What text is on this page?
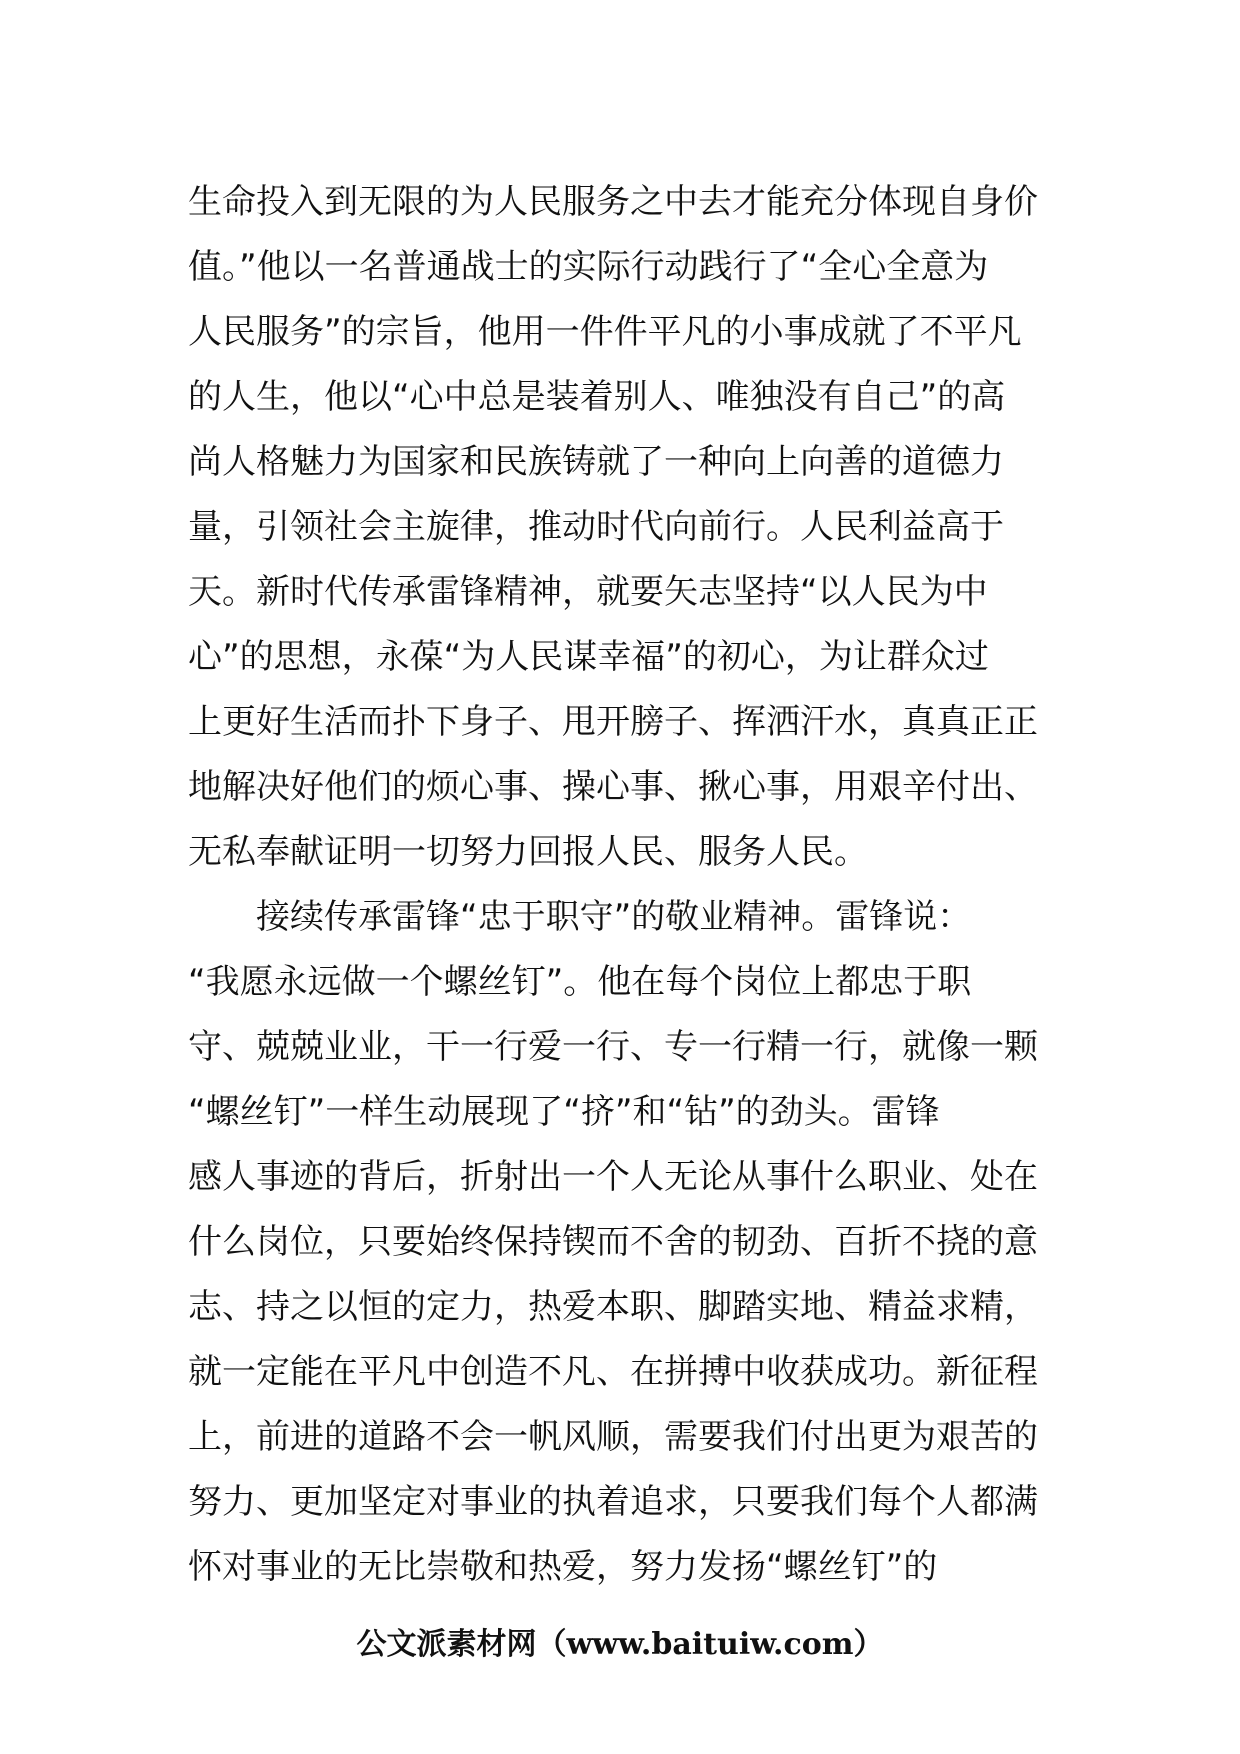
生命投入到无限的为人民服务之中去才能充分体现自身价
值。”他以一名普通战士的实际行动践行了“全心全意为
人民服务”的宗旨，他用一件件平凡的小事成就了不平凡
的人生，他以“心中总是装着别人、唯独没有自己”的高
尚人格魅力为国家和民族铸就了一种向上向善的道德力
量，引领社会主旋律，推动时代向前行。人民利益高于
天。新时代传承雷锋精神，就要矢志坚持“以人民为中
心”的思想，永葆“为人民谋幸福”的初心，为让群众过
上更好生活而扑下身子、甩开膀子、挥洒汗水，真真正正
地解决好他们的烦心事、操心事、揪心事，用艰辛付出、
无私奉献证明一切努力回报人民、服务人民。
　　接续传承雷锋“忠于职守”的敬业精神。雷锋说：
“我愿永远做一个螺丝钉”。他在每个岗位上都忠于职
守、兢兢业业，干一行爱一行、专一行精一行，就像一颗
“螺丝钉”一样生动展现了“挤”和“钻”的劲头。雷锋
感人事迹的背后，折射出一个人无论从事什么职业、处在
什么岗位，只要始终保持锲而不舍的韧劲、百折不挠的意
志、持之以恒的定力，热爱本职、脚踏实地、精益求精，
就一定能在平凡中创造不凡、在拼搏中收获成功。新征程
上，前进的道路不会一帆风顺，需要我们付出更为艰苦的
努力、更加坚定对事业的执着追求，只要我们每个人都满
怀对事业的无比崇敬和热爱，努力发扬“螺丝钉”的
公文派素材网（www.baituiw.com）
